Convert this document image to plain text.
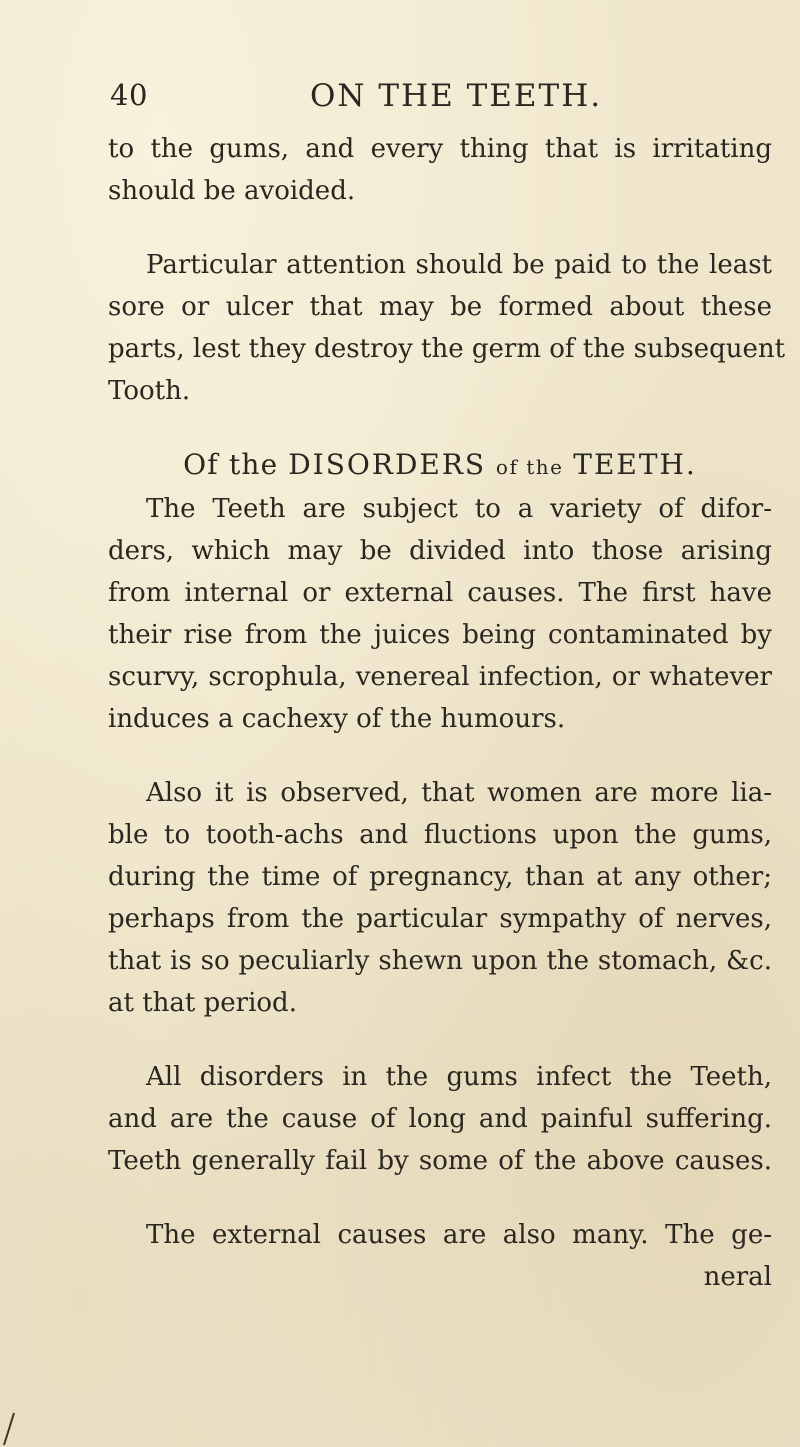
40	ON THE TEETH.
to the gums, and every thing that is irritating
should be avoided.
Particular attention should be paid to the least
sore or ulcer that may be formed about these
parts, lest they destroy the germ of the subsequent
Tooth.
Of the DISORDERS of the TEETH.
The Teeth are subject to a variety of difor-
ders, which may be divided into those arising
from internal or external causes. The first have
their rise from the juices being contaminated by
scurvy, scrophula, venereal infection, or whatever
induces a cachexy of the humours.
Also it is observed, that women are more lia-
ble to tooth-achs and fluctions upon the gums,
during the time of pregnancy, than at any other;
perhaps from the particular sympathy of nerves,
that is so peculiarly shewn upon the stomach, &c.
at that period.
All disorders in the gums infect the Teeth,
and are the cause of long and painful suffering.
Teeth generally fail by some of the above causes.
The external causes are also many. The ge-
neral
